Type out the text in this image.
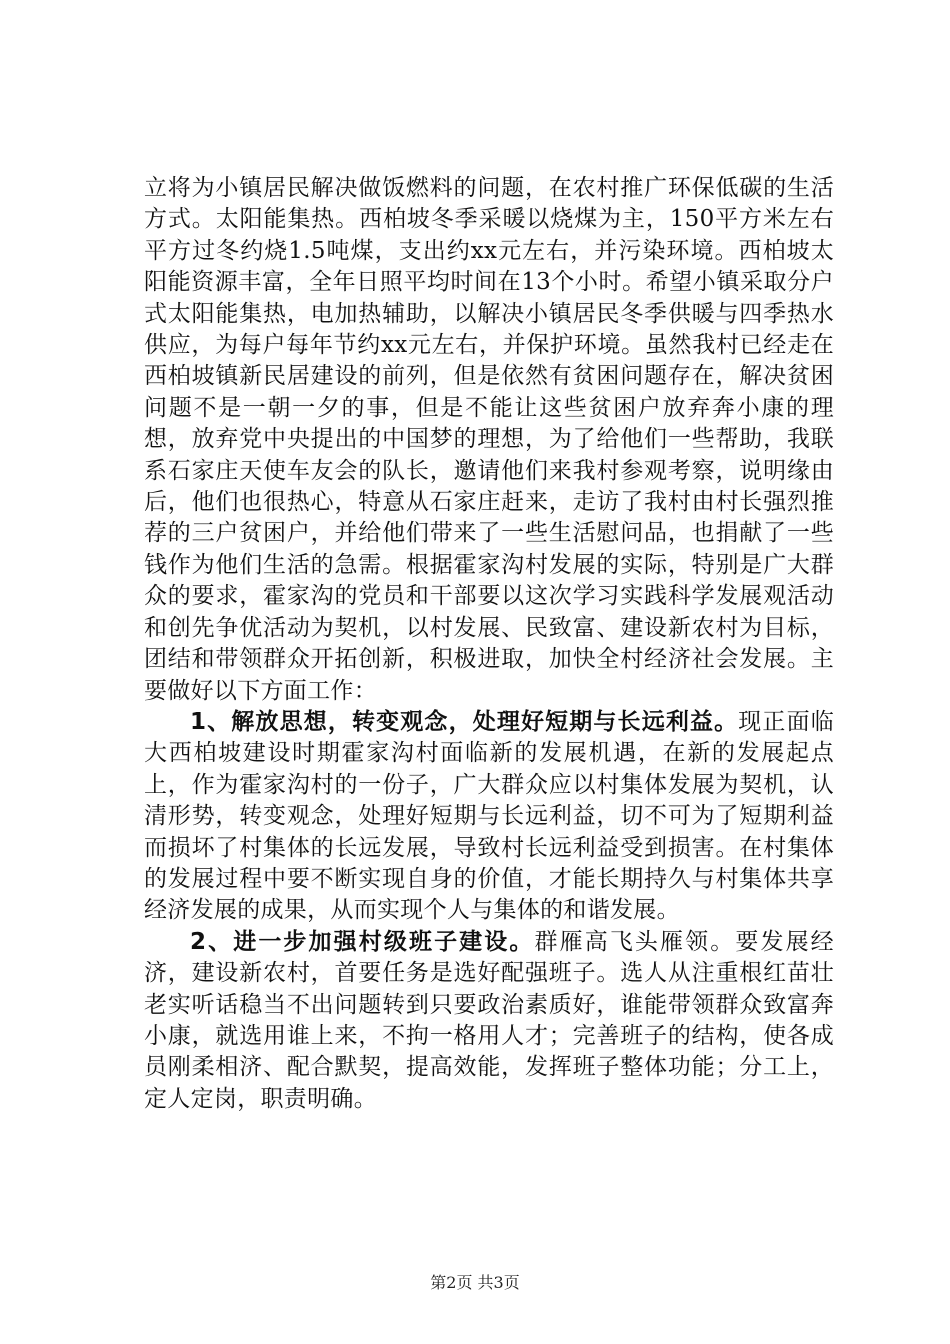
立将为小镇居民解决做饭燃料的问题，在农村推广环保低碳的生活方式。太阳能集热。西柏坡冬季采暖以烧煤为主，150平方米左右平方过冬约烧1.5吨煤，支出约xx元左右，并污染环境。西柏坡太阳能资源丰富，全年日照平均时间在13个小时。希望小镇采取分户式太阳能集热，电加热辅助，以解决小镇居民冬季供暖与四季热水供应，为每户每年节约xx元左右，并保护环境。虽然我村已经走在西柏坡镇新民居建设的前列，但是依然有贫困问题存在，解决贫困问题不是一朝一夕的事，但是不能让这些贫困户放弃奔小康的理想，放弃党中央提出的中国梦的理想，为了给他们一些帮助，我联系石家庄天使车友会的队长，邀请他们来我村参观考察，说明缘由后，他们也很热心，特意从石家庄赶来，走访了我村由村长强烈推荐的三户贫困户，并给他们带来了一些生活慰问品，也捐献了一些钱作为他们生活的急需。根据霍家沟村发展的实际，特别是广大群众的要求，霍家沟的党员和干部要以这次学习实践科学发展观活动和创先争优活动为契机，以村发展、民致富、建设新农村为目标，团结和带领群众开拓创新，积极进取，加快全村经济社会发展。主要做好以下方面工作：

1、解放思想，转变观念，处理好短期与长远利益。现正面临大西柏坡建设时期霍家沟村面临新的发展机遇，在新的发展起点上，作为霍家沟村的一份子，广大群众应以村集体发展为契机，认清形势，转变观念，处理好短期与长远利益，切不可为了短期利益而损坏了村集体的长远发展，导致村长远利益受到损害。在村集体的发展过程中要不断实现自身的价值，才能长期持久与村集体共享经济发展的成果，从而实现个人与集体的和谐发展。

2、进一步加强村级班子建设。群雁高飞头雁领。要发展经济，建设新农村，首要任务是选好配强班子。选人从注重根红苗壮老实听话稳当不出问题转到只要政治素质好，谁能带领群众致富奔小康，就选用谁上来，不拘一格用人才；完善班子的结构，使各成员刚柔相济、配合默契，提高效能，发挥班子整体功能；分工上，定人定岗，职责明确。

第2页 共3页
